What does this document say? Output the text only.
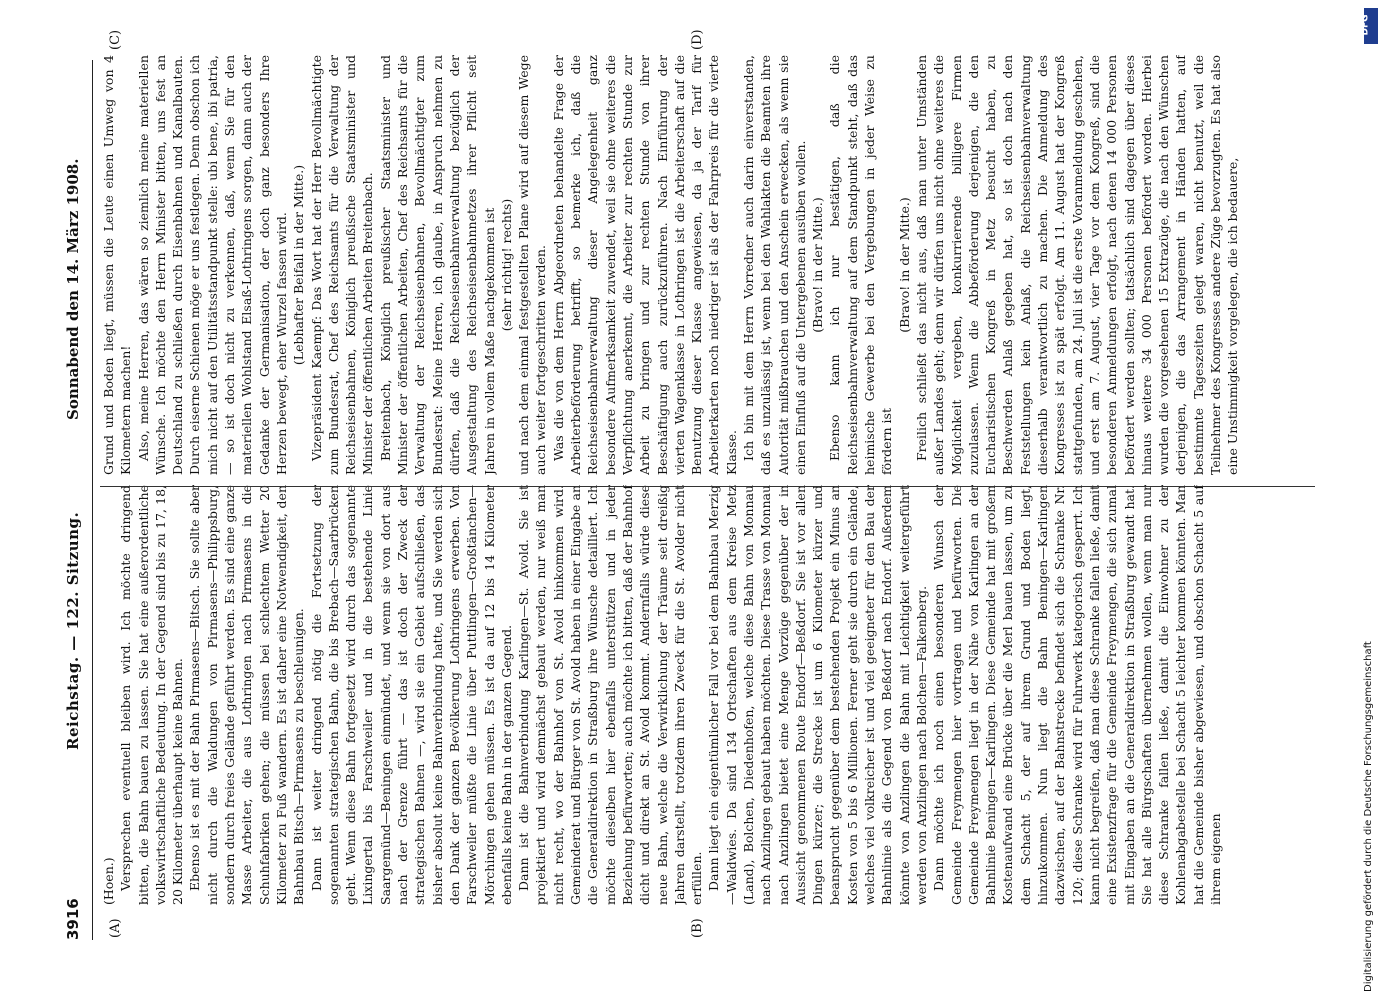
3916
Reichstag. — 122. Sitzung.
Sonnabend den 14. März 1908.
(A)	(B)
(C)	(D)

(Hoen.) Versprechen eventuell bleiben wird. Ich möchte dringend bitten, die Bahn bauen zu lassen. Sie hat eine außerordentliche volkswirtschaftliche Bedeutung. In der Gegend sind bis zu 17, 18, 20 Kilometer überhaupt keine Bahnen. Ebenso ist es mit der Bahn Pirmasens—Bitsch. Sie sollte aber nicht durch die Waldungen von Pirmasens—Philippsburg, sondern durch freies Gelände geführt werden. Es sind eine ganze Masse Arbeiter, die aus Lothringen nach Pirmasens in die Schuhfabriken gehen; die müssen bei schlechtem Wetter 20 Kilometer zu Fuß wandern. Es ist daher eine Notwendigkeit, den Bahnbau Bitsch—Pirmasens zu beschleunigen. Dann ist weiter dringend nötig die Fortsetzung der sogenannten strategischen Bahn, die bis Brebach—Saarbrücken geht. Wenn diese Bahn fortgesetzt wird durch das sogenannte Lixingertal bis Farschweiler und in die bestehende Linie Saargemünd—Beningen einmündet, und wenn sie von dort aus nach der Grenze führt — das ist doch der Zweck der strategischen Bahnen —, wird sie ein Gebiet aufschließen, das bisher absolut keine Bahnverbindung hatte, und Sie werden sich den Dank der ganzen Bevölkerung Lothringens erwerben. Von Farschweiler müßte die Linie über Puttlingen—Großtänchen—Mörchingen gehen müssen. Es ist da auf 12 bis 14 Kilometer ebenfalls keine Bahn in der ganzen Gegend. Dann ist die Bahnverbindung Karlingen—St. Avold. Sie ist projektiert und wird demnächst gebaut werden, nur weiß man nicht recht, wo der Bahnhof von St. Avold hinkommen wird. Gemeinderat und Bürger von St. Avold haben in einer Eingabe an die Generaldirektion in Straßburg ihre Wünsche detailliert. Ich möchte dieselben hier ebenfalls unterstützen und in jeder Beziehung befürworten; auch möchte ich bitten, daß der Bahnhof dicht und direkt an St. Avold kommt. Andernfalls würde diese neue Bahn, welche die Verwirklichung der Träume seit dreißig Jahren darstellt, trotzdem ihren Zweck für die St. Avolder nicht erfüllen. Dann liegt ein eigentümlicher Fall vor bei dem Bahnbau Merzig—Waldwies. Da sind 134 Ortschaften aus dem Kreise Metz (Land), Bolchen, Diedenhofen, welche diese Bahn von Monnau nach Anzlingen gebaut haben möchten. Diese Trasse von Monnau nach Anzlingen bietet eine Menge Vorzüge gegenüber der in Aussicht genommenen Route Endorf—Beßdorf. Sie ist vor allen Dingen kürzer; die Strecke ist um 6 Kilometer kürzer und beansprucht gegenüber dem bestehenden Projekt ein Minus an Kosten von 5 bis 6 Millionen. Ferner geht sie durch ein Gelände, welches viel volkreicher ist und viel geeigneter für den Bau der Bahnlinie als die Gegend von Beßdorf nach Endorf. Außerdem könnte von Anzlingen die Bahn mit Leichtigkeit weitergeführt werden von Anzlingen nach Bolchen—Falkenberg. Dann möchte ich noch einen besonderen Wunsch der Gemeinde Freymengen hier vortragen und befürworten. Die Gemeinde Freymengen liegt in der Nähe von Karlingen an der Bahnlinie Beningen—Karlingen. Diese Gemeinde hat mit großem Kostenaufwand eine Brücke über die Merl bauen lassen, um zu dem Schacht 5, der auf ihrem Grund und Boden liegt, hinzukommen. Nun liegt die Bahn Beningen—Karlingen dazwischen, auf der Bahnstrecke befindet sich die Schranke Nr. 120; diese Schranke wird für Fuhrwerk kategorisch gesperrt. Ich kann nicht begreifen, daß man diese Schranke fallen ließe, damit eine Existenzfrage für die Gemeinde Freymengen, die sich zumal mit Eingaben an die Generaldirektion in Straßburg gewandt hat. Sie hat alle Bürgschaften übernehmen wollen, wenn man nur diese Schranke fallen ließe, damit die Einwohner zu der Kohlenabgabestelle bei Schacht 5 leichter kommen könnten. Man hat die Gemeinde bisher abgewiesen, und obschon Schacht 5 auf ihrem eigenen

Grund und Boden liegt, müssen die Leute einen Umweg von 4 Kilometern machen! Also, meine Herren, das wären so ziemlich meine materiellen Wünsche. Ich möchte den Herrn Minister bitten, uns fest an Deutschland zu schließen durch Eisenbahnen und Kanalbauten. Durch eiserne Schienen möge er uns festlegen. Denn obschon ich mich nicht auf den Utilitätsstandpunkt stelle: ubi bene, ibi patria, — so ist doch nicht zu verkennen, daß, wenn Sie für den materiellen Wohlstand Elsaß-Lothringens sorgen, dann auch der Gedanke der Germanisation, der doch ganz besonders Ihre Herzen bewegt, eher Wurzel fassen wird. (Lebhafter Beifall in der Mitte.) Vizepräsident Kaempf: Das Wort hat der Herr Bevollmächtigte zum Bundesrat, Chef des Reichsamts für die Verwaltung der Reichseisenbahnen, Königlich preußische Staatsminister und Minister der öffentlichen Arbeiten Breitenbach. Breitenbach, Königlich preußischer Staatsminister und Minister der öffentlichen Arbeiten, Chef des Reichsamts für die Verwaltung der Reichseisenbahnen, Bevollmächtigter zum Bundesrat: Meine Herren, ich glaube, in Anspruch nehmen zu dürfen, daß die Reichseisenbahnverwaltung bezüglich der Ausgestaltung des Reichseisenbahnnetzes ihrer Pflicht seit Jahren in vollem Maße nachgekommen ist (sehr richtig! rechts) und nach dem einmal festgestellten Plane wird auf diesem Wege auch weiter fortgeschritten werden. Was die von dem Herrn Abgeordneten behandelte Frage der Arbeiterbeförderung betrifft, so bemerke ich, daß die Reichseisenbahnverwaltung dieser Angelegenheit ganz besondere Aufmerksamkeit zuwendet, weil sie ohne weiteres die Verpflichtung anerkennt, die Arbeiter zur rechten Stunde zur Arbeit zu bringen und zur rechten Stunde von ihrer Beschäftigung auch zurückzuführen. Nach Einführung der vierten Wagenklasse in Lothringen ist die Arbeiterschaft auf die Benutzung dieser Klasse angewiesen, da ja der Tarif für Arbeiterkarten noch niedriger ist als der Fahrpreis für die vierte Klasse. Ich bin mit dem Herrn Vorredner auch darin einverstanden, daß es unzulässig ist, wenn bei den Wahlakten die Beamten ihre Autorität mißbrauchen und den Anschein erwecken, als wenn sie einen Einfluß auf die Untergebenen ausüben wollen. (Bravo! in der Mitte.) Ebenso kann ich nur bestätigen, daß die Reichseisenbahnverwaltung auf dem Standpunkt steht, daß das heimische Gewerbe bei den Vergebungen in jeder Weise zu fördern ist

(Bravo! in der Mitte.) Freilich schließt das nicht aus, daß man unter Umständen außer Landes geht; denn wir dürfen uns nicht ohne weiteres die Möglichkeit vergeben, konkurrierende billigere Firmen zuzulassen. Wenn die Abbeförderung derjenigen, die den Eucharistischen Kongreß in Metz besucht haben, zu Beschwerden Anlaß gegeben hat, so ist doch nach den Feststellungen kein Anlaß, die Reichseisenbahnverwaltung dieserhalb verantwortlich zu machen. Die Anmeldung des Kongresses ist zu spät erfolgt. Am 11. August hat der Kongreß stattgefunden, am 24. Juli ist die erste Voranmeldung geschehen, und erst am 7. August, vier Tage vor dem Kongreß, sind die besonderen Anmeldungen erfolgt, nach denen 14 000 Personen befördert werden sollten; tatsächlich sind dagegen über dieses hinaus weitere 34 000 Personen befördert worden. Hierbei wurden die vorgesehenen 15 Extrazüge, die nach den Wünschen derjenigen, die das Arrangement in Händen hatten, auf bestimmte Tageszeiten gelegt waren, nicht benutzt, weil die Teilnehmer des Kongresses andere Züge bevorzugten. Es hat also eine Unstimmigkeit vorgelegen, die ich bedauere,

DFG
Digitalisierung gefördert durch die Deutsche Forschungsgemeinschaft
